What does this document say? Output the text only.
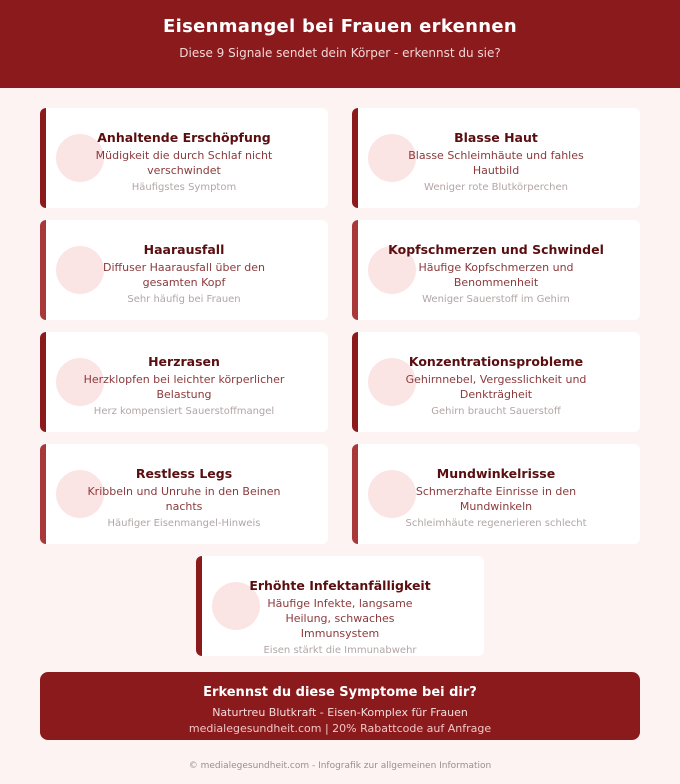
Eisenmangel bei Frauen erkennen
Diese 9 Signale sendet dein Körper - erkennst du sie?
Anhaltende Erschöpfung
Müdigkeit die durch Schlaf nicht verschwindet
Häufigstes Symptom
Blasse Haut
Blasse Schleimhäute und fahles Hautbild
Weniger rote Blutkörperchen
Haarausfall
Diffuser Haarausfall über den gesamten Kopf
Sehr häufig bei Frauen
Kopfschmerzen und Schwindel
Häufige Kopfschmerzen und Benommenheit
Weniger Sauerstoff im Gehirn
Herzrasen
Herzklopfen bei leichter körperlicher Belastung
Herz kompensiert Sauerstoffmangel
Konzentrationsprobleme
Gehirnnebel, Vergesslichkeit und Denkträgheit
Gehirn braucht Sauerstoff
Restless Legs
Kribbeln und Unruhe in den Beinen nachts
Häufiger Eisenmangel-Hinweis
Mundwinkelrisse
Schmerzhafte Einrisse in den Mundwinkeln
Schleimhäute regenerieren schlecht
Erhöhte Infektanfälligkeit
Häufige Infekte, langsame Heilung, schwaches Immunsystem
Eisen stärkt die Immunabwehr
Erkennst du diese Symptome bei dir?
Naturtreu Blutkraft - Eisen-Komplex für Frauen
medialegesundheit.com | 20% Rabattcode auf Anfrage
© medialegesundheit.com - Infografik zur allgemeinen Information
